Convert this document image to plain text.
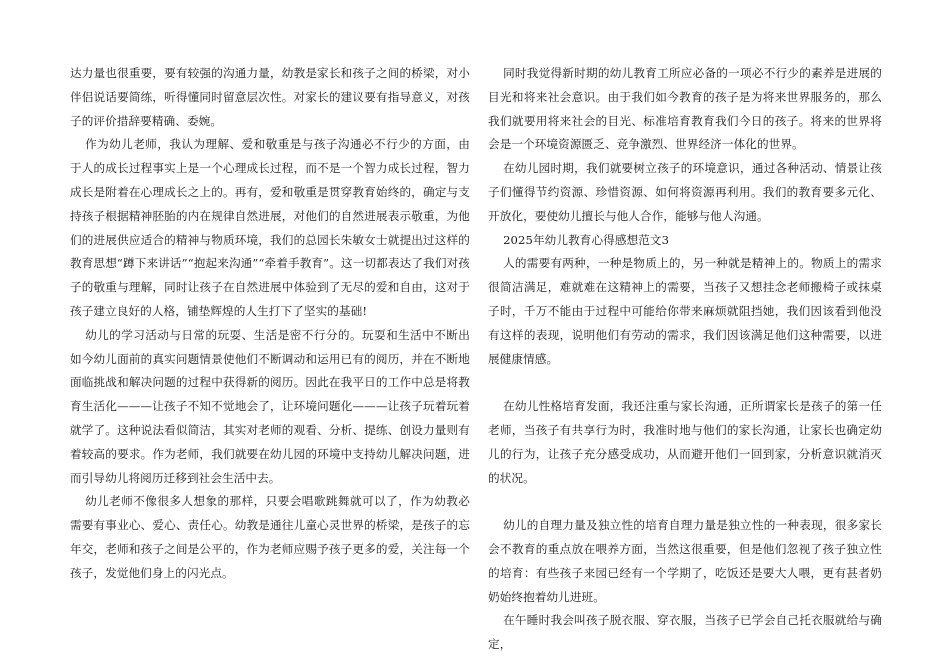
达力量也很重要，要有较强的沟通力量，幼教是家长和孩子之间的桥梁，对小伴侣说话要简练，听得懂同时留意层次性。对家长的建议要有指导意义，对孩子的评价措辞要精确、委婉。

作为幼儿老师，我认为理解、爱和敬重是与孩子沟通必不行少的方面，由于人的成长过程事实上是一个心理成长过程，而不是一个智力成长过程，智力成长是附着在心理成长之上的。再有，爱和敬重是贯穿教育始终的，确定与支持孩子根据精神胚胎的内在规律自然进展，对他们的自然进展表示敬重，为他们的进展供应适合的精神与物质环境，我们的总园长朱敏女士就提出过这样的教育思想“蹲下来讲话”“抱起来沟通”“牵着手教育”。这一切都表达了我们对孩子的敬重与理解，同时让孩子在自然进展中体验到了无尽的爱和自由，这对于孩子建立良好的人格，铺垫辉煌的人生打下了坚实的基础!

幼儿的学习活动与日常的玩耍、生活是密不行分的。玩耍和生活中不断出如今幼儿面前的真实问题情景使他们不断调动和运用已有的阅历，并在不断地面临挑战和解决问题的过程中获得新的阅历。因此在我平日的工作中总是将教育生活化———让孩子不知不觉地会了，让环境问题化———让孩子玩着玩着就学了。这种说法看似简洁，其实对老师的观看、分析、提练、创设力量则有着较高的要求。作为老师，我们就要在幼儿园的环境中支持幼儿解决问题，进而引导幼儿将阅历迁移到社会生活中去。

幼儿老师不像很多人想象的那样，只要会唱歌跳舞就可以了，作为幼教必需要有事业心、爱心、责任心。幼教是通往儿童心灵世界的桥梁，是孩子的忘年交，老师和孩子之间是公平的，作为老师应赐予孩子更多的爱，关注每一个孩子，发觉他们身上的闪光点。

同时我觉得新时期的幼儿教育工所应必备的一项必不行少的素养是进展的目光和将来社会意识。由于我们如今教育的孩子是为将来世界服务的，那么我们就要用将来社会的目光、标准培育教育我们今日的孩子。将来的世界将会是一个环境资源匮乏、竞争激烈、世界经济一体化的世界。

在幼儿园时期，我们就要树立孩子的环境意识，通过各种活动、情景让孩子们懂得节约资源、珍惜资源、如何将资源再利用。我们的教育要多元化、开放化，要使幼儿擅长与他人合作，能够与他人沟通。

2025年幼儿教育心得感想范文3

人的需要有两种，一种是物质上的，另一种就是精神上的。物质上的需求很简洁满足，难就难在这精神上的需要，当孩子又想挂念老师搬椅子或抹桌子时，千万不能由于过程中可能给你带来麻烦就阻挡她，我们因该看到他没有这样的表现，说明他们有劳动的需求，我们因该满足他们这种需要，以进展健康情感。

在幼儿性格培育发面，我还注重与家长沟通，正所谓家长是孩子的第一任老师，当孩子有共享行为时，我准时地与他们的家长沟通，让家长也确定幼儿的行为，让孩子充分感受成功，从而避开他们一回到家，分析意识就消灭的状况。

幼儿的自理力量及独立性的培育自理力量是独立性的一种表现，很多家长会不教育的重点放在喂养方面，当然这很重要，但是他们忽视了孩子独立性的培育：有些孩子来园已经有一个学期了，吃饭还是要大人喂，更有甚者奶奶始终抱着幼儿进班。

在午睡时我会叫孩子脱衣服、穿衣服，当孩子已学会自己托衣服就给与确定，
